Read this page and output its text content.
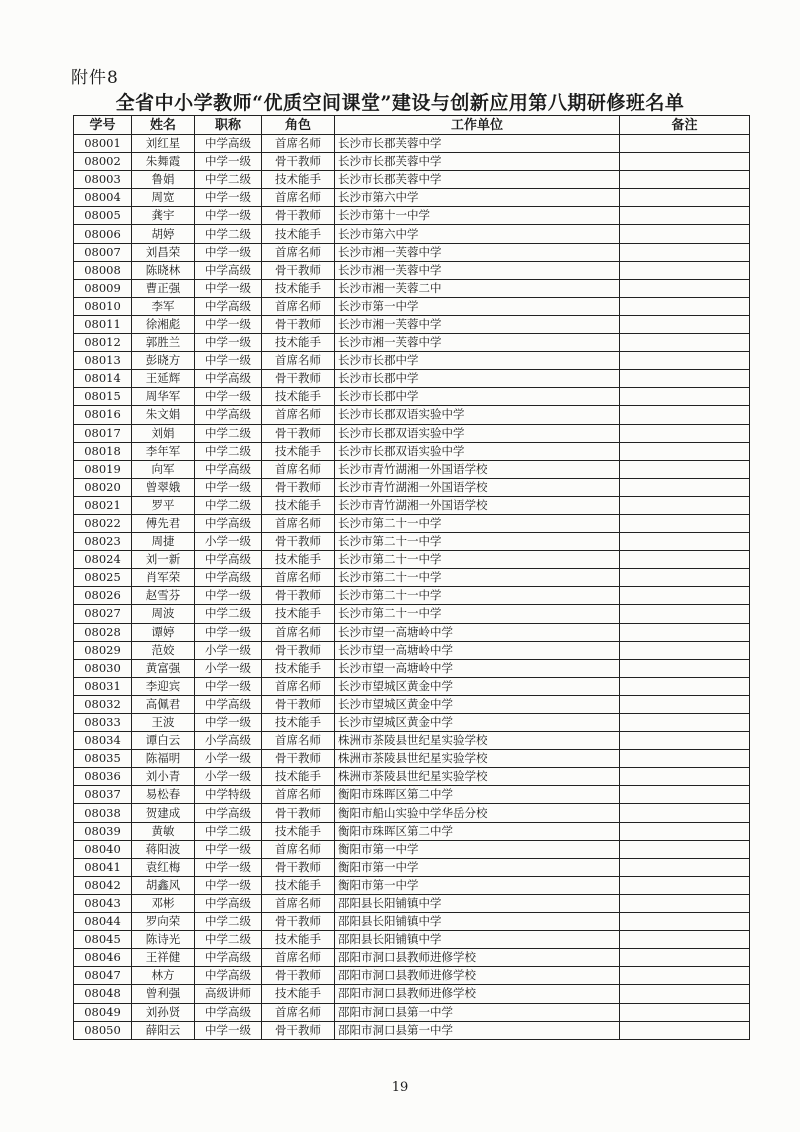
附件8
全省中小学教师“优质空间课堂”建设与创新应用第八期研修班名单
学号	姓名	职称	角色	工作单位	备注
08001	刘红星	中学高级	首席名师	长沙市长郡芙蓉中学	
08002	朱舞霞	中学一级	骨干教师	长沙市长郡芙蓉中学	
08003	鲁娟	中学二级	技术能手	长沙市长郡芙蓉中学	
08004	周宽	中学一级	首席名师	长沙市第六中学	
08005	龚宇	中学一级	骨干教师	长沙市第十一中学	
08006	胡婷	中学二级	技术能手	长沙市第六中学	
08007	刘昌荣	中学一级	首席名师	长沙市湘一芙蓉中学	
08008	陈晓林	中学高级	骨干教师	长沙市湘一芙蓉中学	
08009	曹正强	中学一级	技术能手	长沙市湘一芙蓉二中	
08010	李军	中学高级	首席名师	长沙市第一中学	
08011	徐湘彪	中学一级	骨干教师	长沙市湘一芙蓉中学	
08012	郭胜兰	中学一级	技术能手	长沙市湘一芙蓉中学	
08013	彭晓方	中学一级	首席名师	长沙市长郡中学	
08014	王延辉	中学高级	骨干教师	长沙市长郡中学	
08015	周华军	中学一级	技术能手	长沙市长郡中学	
08016	朱文娟	中学高级	首席名师	长沙市长郡双语实验中学	
08017	刘娟	中学二级	骨干教师	长沙市长郡双语实验中学	
08018	李年军	中学二级	技术能手	长沙市长郡双语实验中学	
08019	向军	中学高级	首席名师	长沙市青竹湖湘一外国语学校	
08020	曾翠娥	中学一级	骨干教师	长沙市青竹湖湘一外国语学校	
08021	罗平	中学二级	技术能手	长沙市青竹湖湘一外国语学校	
08022	傅先君	中学高级	首席名师	长沙市第二十一中学	
08023	周捷	小学一级	骨干教师	长沙市第二十一中学	
08024	刘一新	中学高级	技术能手	长沙市第二十一中学	
08025	肖军荣	中学高级	首席名师	长沙市第二十一中学	
08026	赵雪芬	中学一级	骨干教师	长沙市第二十一中学	
08027	周波	中学二级	技术能手	长沙市第二十一中学	
08028	谭婷	中学一级	首席名师	长沙市望一高塘岭中学	
08029	范姣	小学一级	骨干教师	长沙市望一高塘岭中学	
08030	黄富强	小学一级	技术能手	长沙市望一高塘岭中学	
08031	李迎宾	中学一级	首席名师	长沙市望城区黄金中学	
08032	高佩君	中学高级	骨干教师	长沙市望城区黄金中学	
08033	王波	中学一级	技术能手	长沙市望城区黄金中学	
08034	谭白云	小学高级	首席名师	株洲市茶陵县世纪星实验学校	
08035	陈福明	小学一级	骨干教师	株洲市茶陵县世纪星实验学校	
08036	刘小青	小学一级	技术能手	株洲市茶陵县世纪星实验学校	
08037	易松春	中学特级	首席名师	衡阳市珠晖区第二中学	
08038	贺建成	中学高级	骨干教师	衡阳市船山实验中学华岳分校	
08039	黄敏	中学二级	技术能手	衡阳市珠晖区第二中学	
08040	蒋阳波	中学一级	首席名师	衡阳市第一中学	
08041	袁红梅	中学一级	骨干教师	衡阳市第一中学	
08042	胡鑫风	中学一级	技术能手	衡阳市第一中学	
08043	邓彬	中学高级	首席名师	邵阳县长阳铺镇中学	
08044	罗向荣	中学二级	骨干教师	邵阳县长阳铺镇中学	
08045	陈诗光	中学二级	技术能手	邵阳县长阳铺镇中学	
08046	王祥健	中学高级	首席名师	邵阳市洞口县教师进修学校	
08047	林方	中学高级	骨干教师	邵阳市洞口县教师进修学校	
08048	曾利强	高级讲师	技术能手	邵阳市洞口县教师进修学校	
08049	刘孙贤	中学高级	首席名师	邵阳市洞口县第一中学	
08050	薛阳云	中学一级	骨干教师	邵阳市洞口县第一中学	
19
